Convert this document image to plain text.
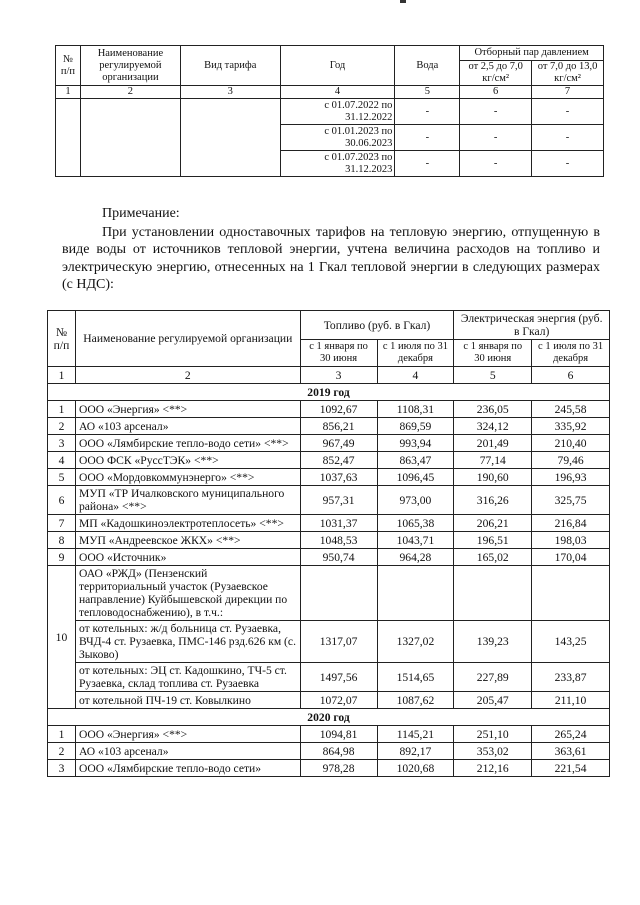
№ п/п	Наименование регулируемой организации	Вид тарифа	Год	Вода	Отборный пар давлением	
					от 2,5 до 7,0 кг/см²	от 7,0 до 13,0 кг/см²
1	2	3	4	5	6	7
			с 01.07.2022 по 31.12.2022	-	-	-
			с 01.01.2023 по 30.06.2023	-	-	-
			с 01.07.2023 по 31.12.2023	-	-	-
Примечание:
При установлении одноставочных тарифов на тепловую энергию, отпущенную в виде воды от источников тепловой энергии, учтена величина расходов на топливо и электрическую энергию, отнесенных на 1 Гкал тепловой энергии в следующих размерах (с НДС):
№ п/п	Наименование регулируемой организации	Топливо (руб. в Гкал)		Электрическая энергия (руб. в Гкал)	
		с 1 января по 30 июня	с 1 июля по 31 декабря	с 1 января по 30 июня	с 1 июля по 31 декабря
1	2	3	4	5	6
2019 год					
1	ООО «Энергия» <**>	1092,67	1108,31	236,05	245,58
2	АО «103 арсенал»	856,21	869,59	324,12	335,92
3	ООО «Лямбирские тепло-водо сети» <**>	967,49	993,94	201,49	210,40
4	ООО ФСК «РуссТЭК» <**>	852,47	863,47	77,14	79,46
5	ООО «Мордовкоммунэнерго» <**>	1037,63	1096,45	190,60	196,93
6	МУП «ТР Ичалковского муниципального района» <**>	957,31	973,00	316,26	325,75
7	МП «Кадошкиноэлектротеплосеть» <**>	1031,37	1065,38	206,21	216,84
8	МУП «Андреевское ЖКХ» <**>	1048,53	1043,71	196,51	198,03
9	ООО «Источник»	950,74	964,28	165,02	170,04
10	ОАО «РЖД» (Пензенский территориальный участок (Рузаевское направление) Куйбышевской дирекции по тепловодоснабжению), в т.ч.:				
	от котельных: ж/д больница ст. Рузаевка, ВЧД-4 ст. Рузаевка, ПМС-146 рзд.626 км (с. Зыково)	1317,07	1327,02	139,23	143,25
	от котельных: ЭЦ ст. Кадошкино, ТЧ-5 ст. Рузаевка, склад топлива ст. Рузаевка	1497,56	1514,65	227,89	233,87
	от котельной ПЧ-19 ст. Ковылкино	1072,07	1087,62	205,47	211,10
2020 год					
1	ООО «Энергия» <**>	1094,81	1145,21	251,10	265,24
2	АО «103 арсенал»	864,98	892,17	353,02	363,61
3	ООО «Лямбирские тепло-водо сети»	978,28	1020,68	212,16	221,54
